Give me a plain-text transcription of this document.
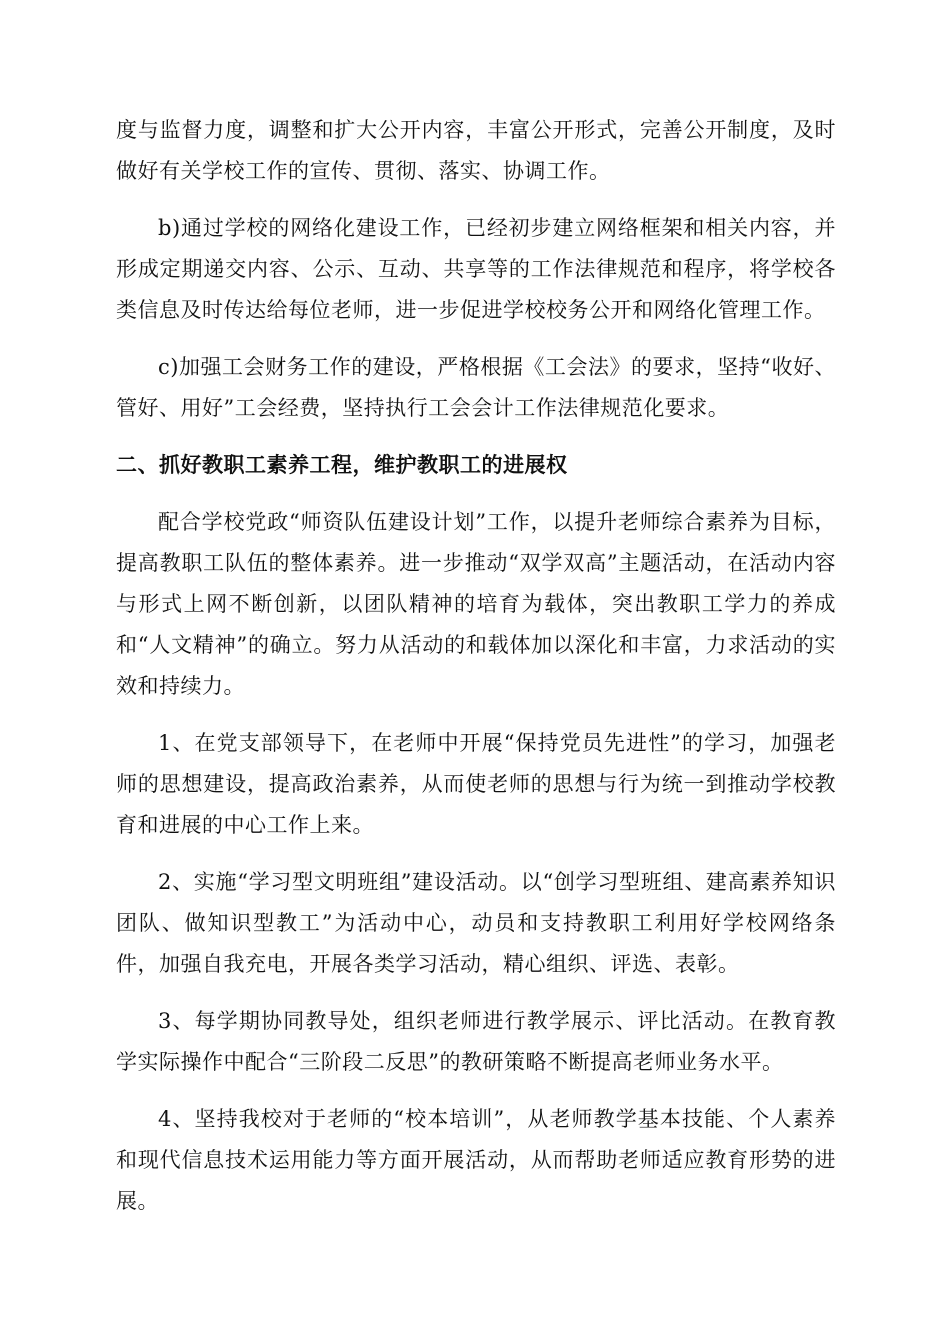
度与监督力度，调整和扩大公开内容，丰富公开形式，完善公开制度，及时做好有关学校工作的宣传、贯彻、落实、协调工作。

b)通过学校的网络化建设工作，已经初步建立网络框架和相关内容，并形成定期递交内容、公示、互动、共享等的工作法律规范和程序，将学校各类信息及时传达给每位老师，进一步促进学校校务公开和网络化管理工作。

c)加强工会财务工作的建设，严格根据《工会法》的要求，坚持“收好、管好、用好”工会经费，坚持执行工会会计工作法律规范化要求。

二、抓好教职工素养工程，维护教职工的进展权

配合学校党政“师资队伍建设计划”工作，以提升老师综合素养为目标，提高教职工队伍的整体素养。进一步推动“双学双高”主题活动，在活动内容与形式上网不断创新，以团队精神的培育为载体，突出教职工学力的养成和“人文精神”的确立。努力从活动的和载体加以深化和丰富，力求活动的实效和持续力。

1、在党支部领导下，在老师中开展“保持党员先进性”的学习，加强老师的思想建设，提高政治素养，从而使老师的思想与行为统一到推动学校教育和进展的中心工作上来。

2、实施“学习型文明班组”建设活动。以“创学习型班组、建高素养知识团队、做知识型教工”为活动中心，动员和支持教职工利用好学校网络条件，加强自我充电，开展各类学习活动，精心组织、评选、表彰。

3、每学期协同教导处，组织老师进行教学展示、评比活动。在教育教学实际操作中配合“三阶段二反思”的教研策略不断提高老师业务水平。

4、坚持我校对于老师的“校本培训”，从老师教学基本技能、个人素养和现代信息技术运用能力等方面开展活动，从而帮助老师适应教育形势的进展。
